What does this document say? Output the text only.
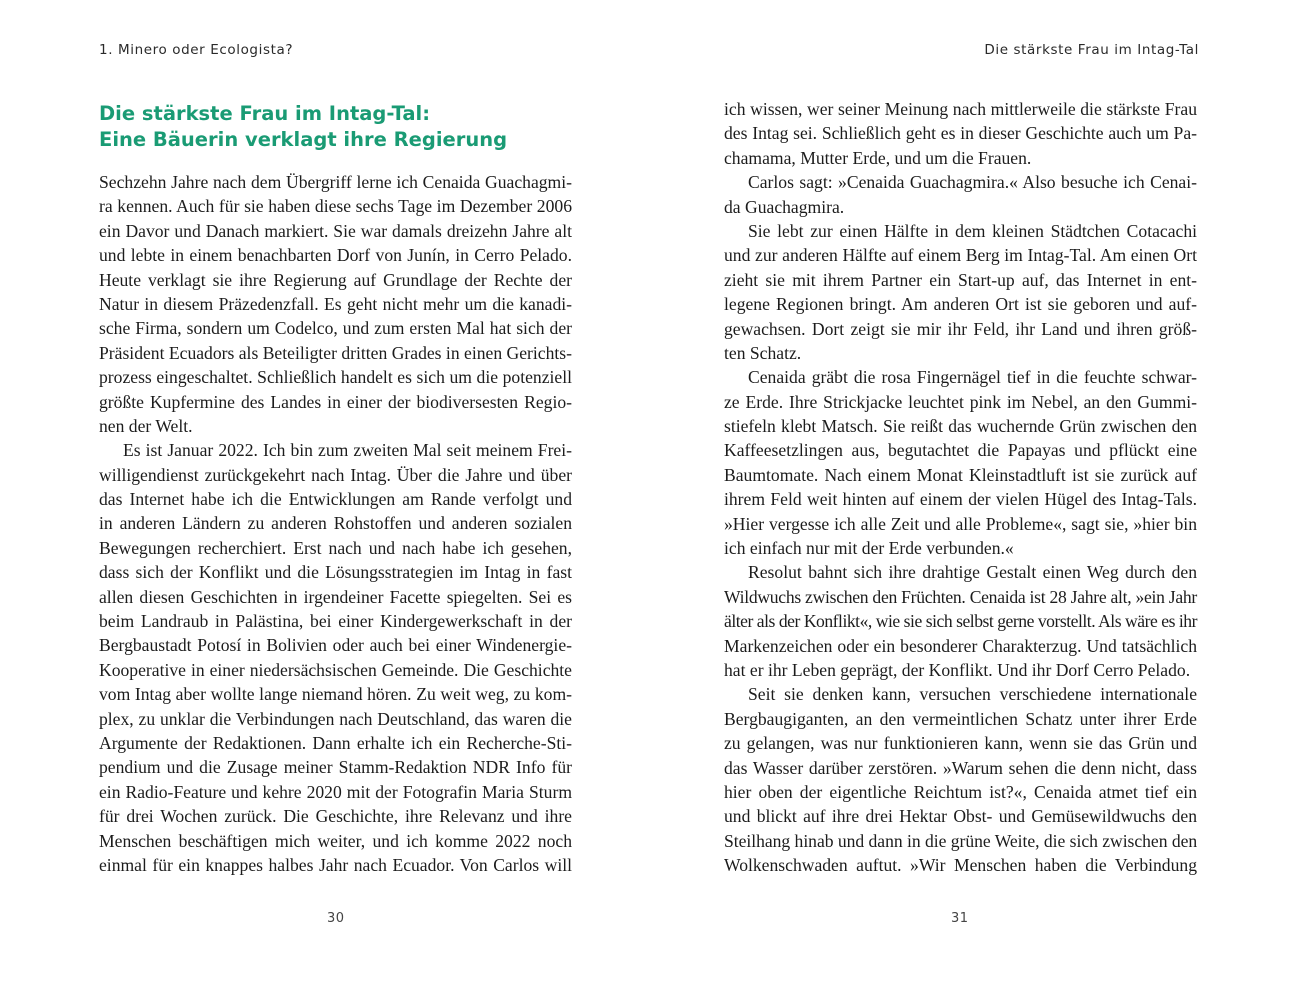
1. Minero oder Ecologista?
Die stärkste Frau im Intag-Tal:
Eine Bäuerin verklagt ihre Regierung
Sechzehn Jahre nach dem Übergriff lerne ich Cenaida Guachagmi-
ra kennen. Auch für sie haben diese sechs Tage im Dezember 2006
ein Davor und Danach markiert. Sie war damals dreizehn Jahre alt
und lebte in einem benachbarten Dorf von Junín, in Cerro Pelado.
Heute verklagt sie ihre Regierung auf Grundlage der Rechte der
Natur in diesem Präzedenzfall. Es geht nicht mehr um die kanadi-
sche Firma, sondern um Codelco, und zum ersten Mal hat sich der
Präsident Ecuadors als Beteiligter dritten Grades in einen Gerichts-
prozess eingeschaltet. Schließlich handelt es sich um die potenziell
größte Kupfermine des Landes in einer der biodiversesten Regio-
nen der Welt.
Es ist Januar 2022. Ich bin zum zweiten Mal seit meinem Frei-
willigendienst zurückgekehrt nach Intag. Über die Jahre und über
das Internet habe ich die Entwicklungen am Rande verfolgt und
in anderen Ländern zu anderen Rohstoffen und anderen sozialen
Bewegungen recherchiert. Erst nach und nach habe ich gesehen,
dass sich der Konflikt und die Lösungsstrategien im Intag in fast
allen diesen Geschichten in irgendeiner Facette spiegelten. Sei es
beim Landraub in Palästina, bei einer Kindergewerkschaft in der
Bergbaustadt Potosí in Bolivien oder auch bei einer Windenergie-
Kooperative in einer niedersächsischen Gemeinde. Die Geschichte
vom Intag aber wollte lange niemand hören. Zu weit weg, zu kom-
plex, zu unklar die Verbindungen nach Deutschland, das waren die
Argumente der Redaktionen. Dann erhalte ich ein Recherche-Sti-
pendium und die Zusage meiner Stamm-Redaktion NDR Info für
ein Radio-Feature und kehre 2020 mit der Fotografin Maria Sturm
für drei Wochen zurück. Die Geschichte, ihre Relevanz und ihre
Menschen beschäftigen mich weiter, und ich komme 2022 noch
einmal für ein knappes halbes Jahr nach Ecuador. Von Carlos will
30
Die stärkste Frau im Intag-Tal
ich wissen, wer seiner Meinung nach mittlerweile die stärkste Frau
des Intag sei. Schließlich geht es in dieser Geschichte auch um Pa-
chamama, Mutter Erde, und um die Frauen.
Carlos sagt: »Cenaida Guachagmira.« Also besuche ich Cenai-
da Guachagmira.
Sie lebt zur einen Hälfte in dem kleinen Städtchen Cotacachi
und zur anderen Hälfte auf einem Berg im Intag-Tal. Am einen Ort
zieht sie mit ihrem Partner ein Start-up auf, das Internet in ent-
legene Regionen bringt. Am anderen Ort ist sie geboren und auf-
gewachsen. Dort zeigt sie mir ihr Feld, ihr Land und ihren größ-
ten Schatz.
Cenaida gräbt die rosa Fingernägel tief in die feuchte schwar-
ze Erde. Ihre Strickjacke leuchtet pink im Nebel, an den Gummi-
stiefeln klebt Matsch. Sie reißt das wuchernde Grün zwischen den
Kaffeesetzlingen aus, begutachtet die Papayas und pflückt eine
Baumtomate. Nach einem Monat Kleinstadtluft ist sie zurück auf
ihrem Feld weit hinten auf einem der vielen Hügel des Intag-Tals.
»Hier vergesse ich alle Zeit und alle Probleme«, sagt sie, »hier bin
ich einfach nur mit der Erde verbunden.«
Resolut bahnt sich ihre drahtige Gestalt einen Weg durch den
Wildwuchs zwischen den Früchten. Cenaida ist 28 Jahre alt, »ein Jahr
älter als der Konflikt«, wie sie sich selbst gerne vorstellt. Als wäre es ihr
Markenzeichen oder ein besonderer Charakterzug. Und tatsächlich
hat er ihr Leben geprägt, der Konflikt. Und ihr Dorf Cerro Pelado.
Seit sie denken kann, versuchen verschiedene internationale
Bergbaugiganten, an den vermeintlichen Schatz unter ihrer Erde
zu gelangen, was nur funktionieren kann, wenn sie das Grün und
das Wasser darüber zerstören. »Warum sehen die denn nicht, dass
hier oben der eigentliche Reichtum ist?«, Cenaida atmet tief ein
und blickt auf ihre drei Hektar Obst- und Gemüsewildwuchs den
Steilhang hinab und dann in die grüne Weite, die sich zwischen den
Wolkenschwaden auftut. »Wir Menschen haben die Verbindung
31
